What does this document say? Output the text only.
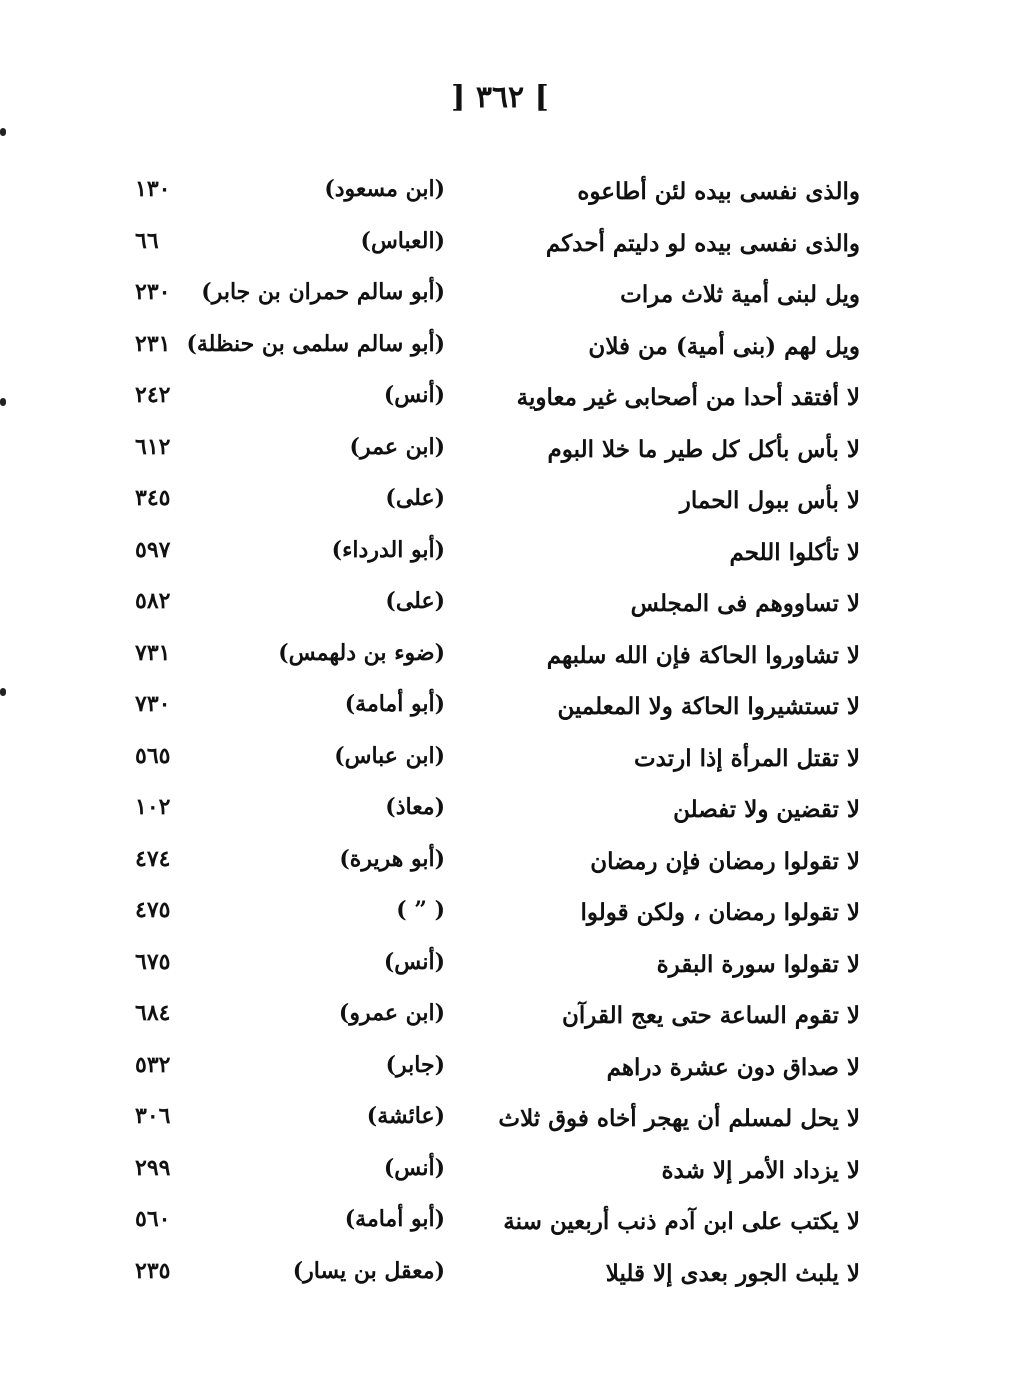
] ٣٦٢ [
والذى نفسى بيده لئن أطاعوه
(ابن مسعود)
١٣٠
والذى نفسى بيده لو دليتم أحدكم
(العباس)
٦٦
ويل لبنى أمية ثلاث مرات
(أبو سالم حمران بن جابر)
٢٣٠
ويل لهم (بنى أمية) من فلان
(أبو سالم سلمى بن حنظلة)
٢٣١
لا أفتقد أحدا من أصحابى غير معاوية
(أنس)
٢٤٢
لا بأس بأكل كل طير ما خلا البوم
(ابن عمر)
٦١٢
لا بأس ببول الحمار
(على)
٣٤٥
لا تأكلوا اللحم
(أبو الدرداء)
٥٩٧
لا تساووهم فى المجلس
(على)
٥٨٢
لا تشاوروا الحاكة فإن الله سلبهم
(ضوء بن دلهمس)
٧٣١
لا تستشيروا الحاكة ولا المعلمين
(أبو أمامة)
٧٣٠
لا تقتل المرأة إذا ارتدت
(ابن عباس)
٥٦٥
لا تقضين ولا تفصلن
(معاذ)
١٠٢
لا تقولوا رمضان فإن رمضان
(أبو هريرة)
٤٧٤
لا تقولوا رمضان ، ولكن قولوا
( ” )
٤٧٥
لا تقولوا سورة البقرة
(أنس)
٦٧٥
لا تقوم الساعة حتى يعج القرآن
(ابن عمرو)
٦٨٤
لا صداق دون عشرة دراهم
(جابر)
٥٣٢
لا يحل لمسلم أن يهجر أخاه فوق ثلاث
(عائشة)
٣٠٦
لا يزداد الأمر إلا شدة
(أنس)
٢٩٩
لا يكتب على ابن آدم ذنب أربعين سنة
(أبو أمامة)
٥٦٠
لا يلبث الجور بعدى إلا قليلا
(معقل بن يسار)
٢٣٥
